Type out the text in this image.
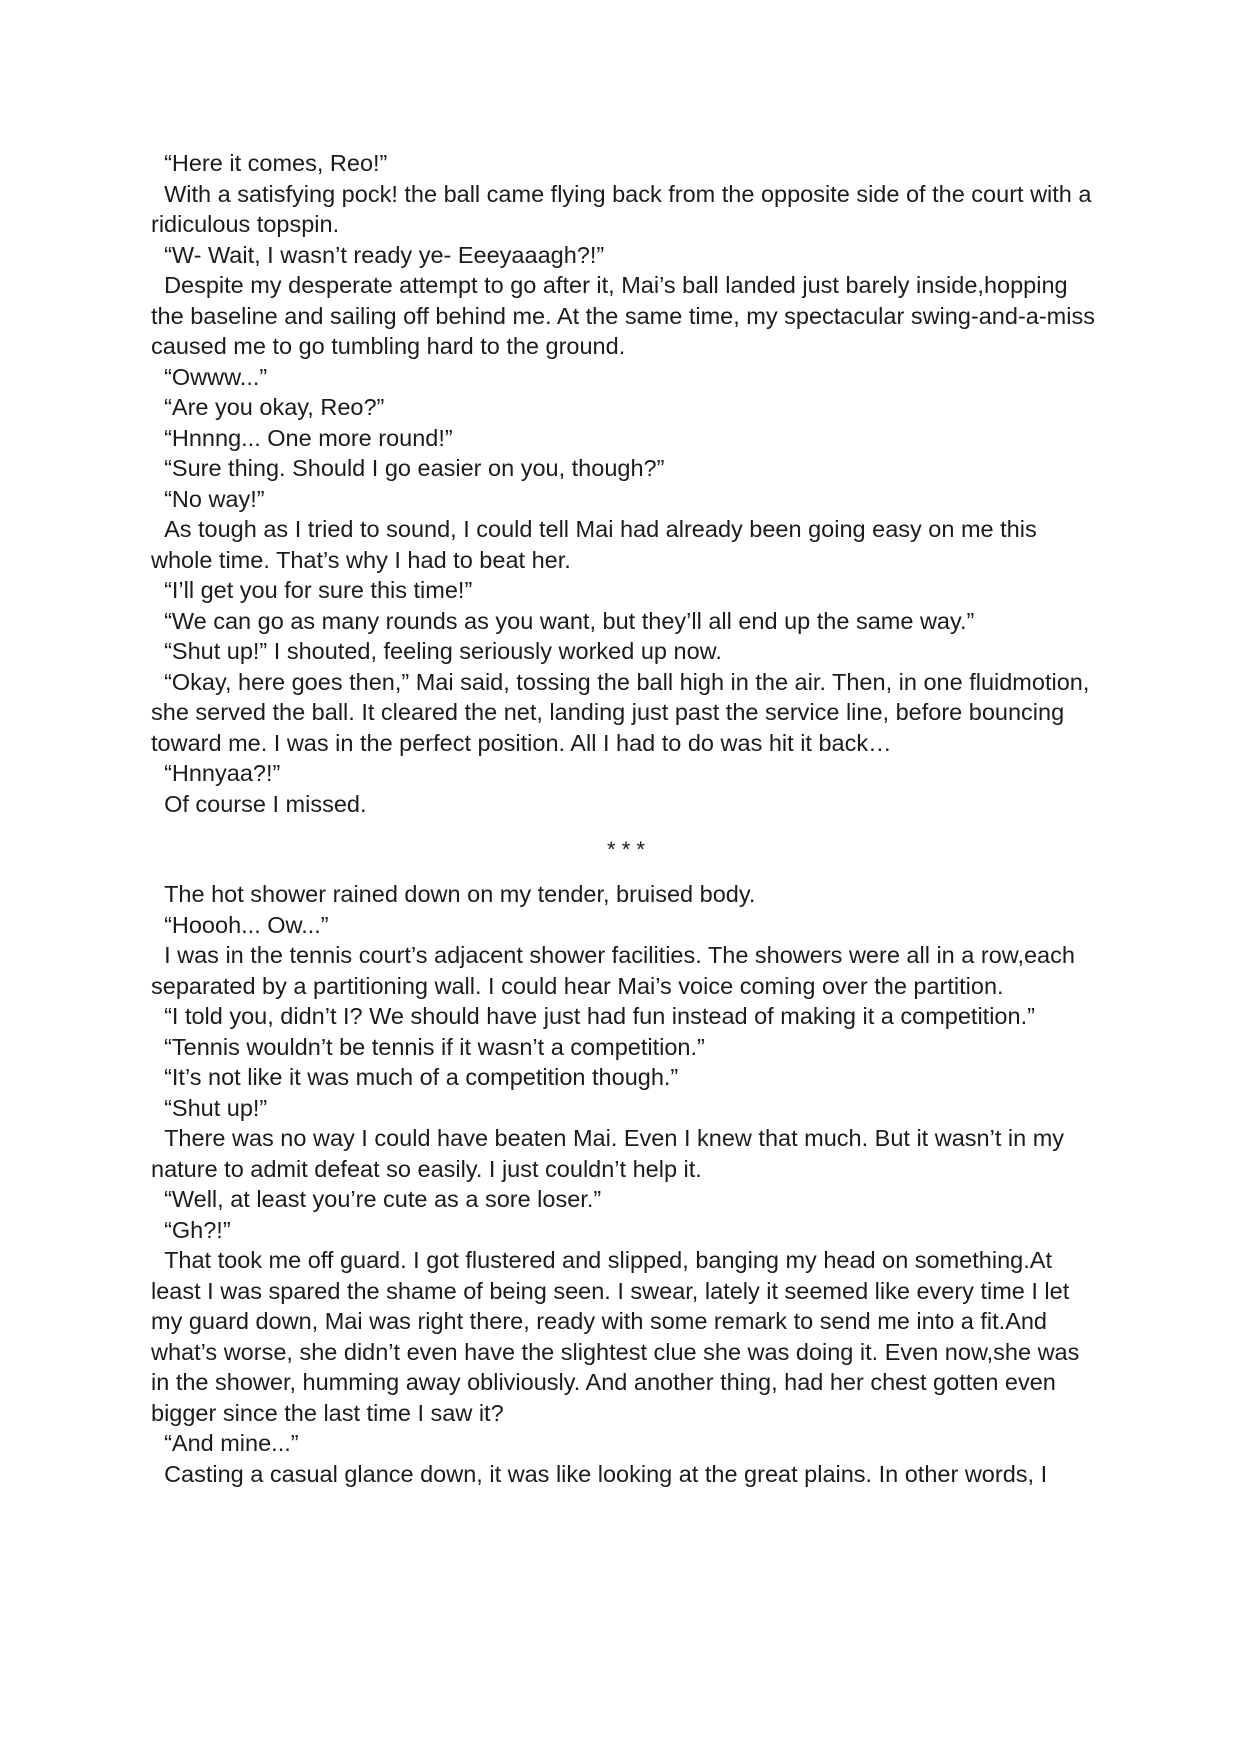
“Here it comes, Reo!”

With a satisfying pock! the ball came flying back from the opposite side of the court with a ridiculous topspin.

“W- Wait, I wasn’t ready ye- Eeeyaaagh?!”

Despite my desperate attempt to go after it, Mai’s ball landed just barely inside,hopping the baseline and sailing off behind me. At the same time, my spectacular swing-and-a-miss caused me to go tumbling hard to the ground.

“Owww...”

“Are you okay, Reo?”

“Hnnng... One more round!”

“Sure thing. Should I go easier on you, though?”

“No way!”

As tough as I tried to sound, I could tell Mai had already been going easy on me this whole time. That’s why I had to beat her.

“I’ll get you for sure this time!”

“We can go as many rounds as you want, but they’ll all end up the same way.”

“Shut up!” I shouted, feeling seriously worked up now.

“Okay, here goes then,” Mai said, tossing the ball high in the air. Then, in one fluidmotion, she served the ball. It cleared the net, landing just past the service line, before bouncing toward me. I was in the perfect position. All I had to do was hit it back…

“Hnnyaa?!”

Of course I missed.

* * *

The hot shower rained down on my tender, bruised body.

“Hoooh... Ow...”

I was in the tennis court’s adjacent shower facilities. The showers were all in a row,each separated by a partitioning wall. I could hear Mai’s voice coming over the partition.

“I told you, didn’t I? We should have just had fun instead of making it a competition.”

“Tennis wouldn’t be tennis if it wasn’t a competition.”

“It’s not like it was much of a competition though.”

“Shut up!”

There was no way I could have beaten Mai. Even I knew that much. But it wasn’t in my nature to admit defeat so easily. I just couldn’t help it.

“Well, at least you’re cute as a sore loser.”

“Gh?!”

That took me off guard. I got flustered and slipped, banging my head on something.At least I was spared the shame of being seen. I swear, lately it seemed like every time I let my guard down, Mai was right there, ready with some remark to send me into a fit.And what’s worse, she didn’t even have the slightest clue she was doing it. Even now,she was in the shower, humming away obliviously. And another thing, had her chest gotten even bigger since the last time I saw it?

“And mine...”

Casting a casual glance down, it was like looking at the great plains. In other words, I
